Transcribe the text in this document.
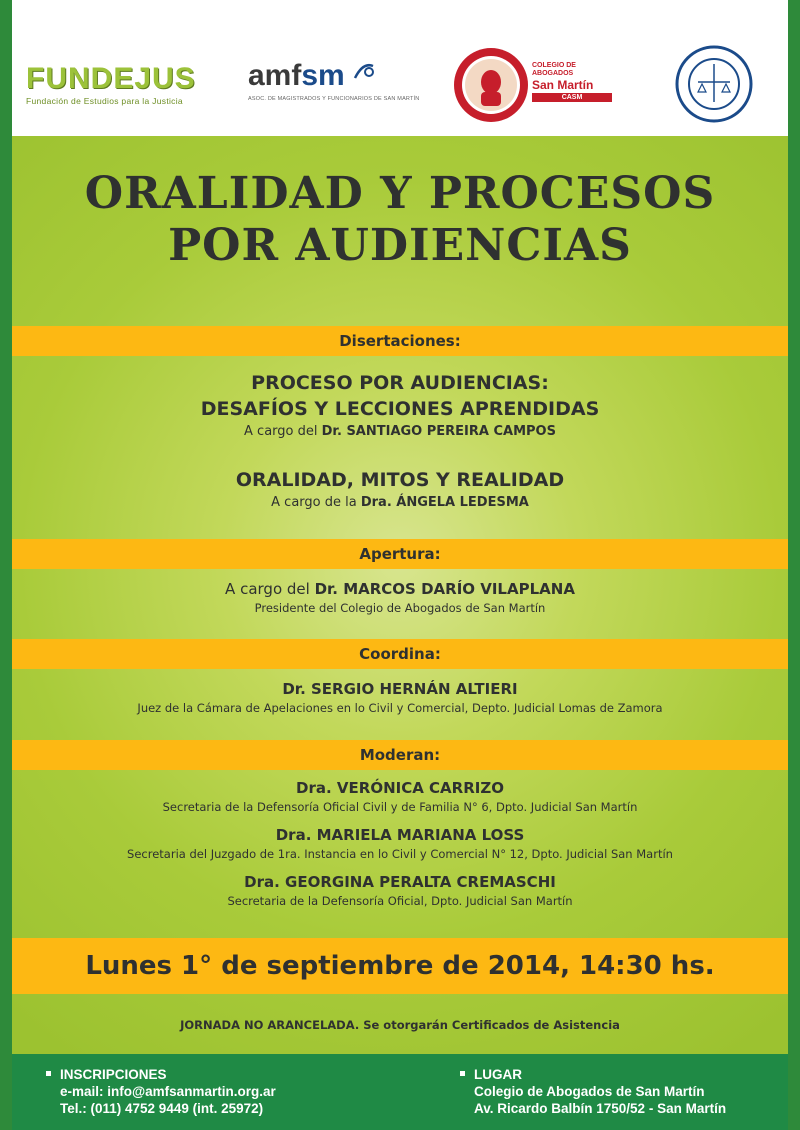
FUNDEJUS
Fundación de Estudios para la Justicia
amfsm
ASOC. DE MAGISTRADOS Y FUNCIONARIOS DE SAN MARTÍN
COLEGIO DE ABOGADOS
San Martín
CASM
ORALIDAD Y PROCESOS
POR AUDIENCIAS
Disertaciones:
PROCESO POR AUDIENCIAS:
DESAFÍOS Y LECCIONES APRENDIDAS
A cargo del Dr. SANTIAGO PEREIRA CAMPOS
ORALIDAD, MITOS Y REALIDAD
A cargo de la Dra. ÁNGELA LEDESMA
Apertura:
A cargo del Dr. MARCOS DARÍO VILAPLANA
Presidente del Colegio de Abogados de San Martín
Coordina:
Dr. SERGIO HERNÁN ALTIERI
Juez de la Cámara de Apelaciones en lo Civil y Comercial, Depto. Judicial Lomas de Zamora
Moderan:
Dra. VERÓNICA CARRIZO
Secretaria de la Defensoría Oficial Civil y de Familia N° 6, Dpto. Judicial San Martín
Dra. MARIELA MARIANA LOSS
Secretaria del Juzgado de 1ra. Instancia en lo Civil y Comercial N° 12, Dpto. Judicial San Martín
Dra. GEORGINA PERALTA CREMASCHI
Secretaria de la Defensoría Oficial, Dpto. Judicial San Martín
Lunes 1° de septiembre de 2014, 14:30 hs.
JORNADA NO ARANCELADA. Se otorgarán Certificados de Asistencia
INSCRIPCIONES
e-mail: info@amfsanmartin.org.ar
Tel.: (011) 4752 9449 (int. 25972)
LUGAR
Colegio de Abogados de San Martín
Av. Ricardo Balbín 1750/52 - San Martín
